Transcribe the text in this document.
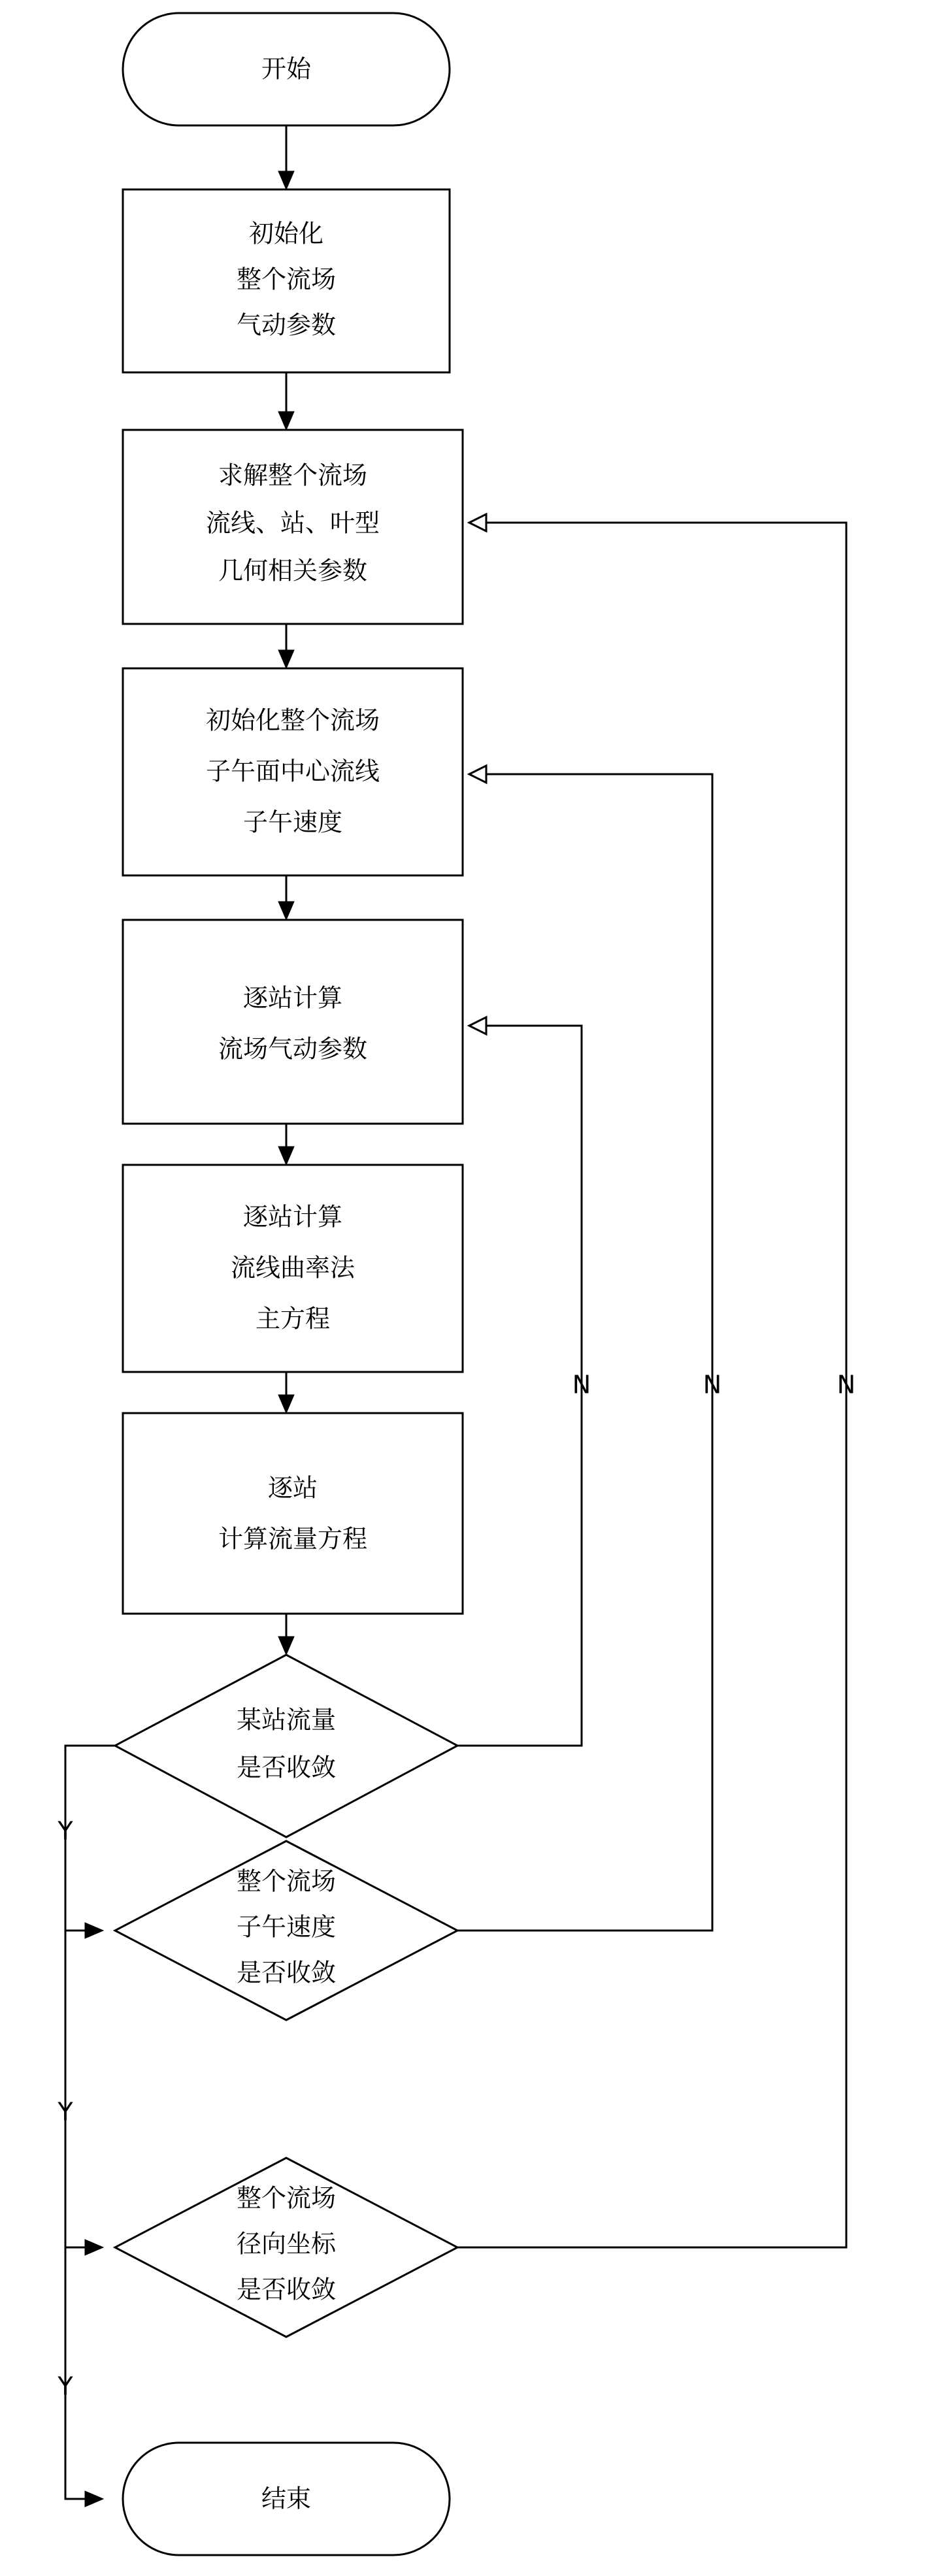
N
Y
N
Y
N
Y
开始
初始化
整个流场
气动参数
求解整个流场
流线、站、叶型
几何相关参数
初始化整个流场
子午面中心流线
子午速度
逐站计算
流场气动参数
逐站计算
流线曲率法
主方程
逐站
计算流量方程
某站流量
是否收敛
整个流场
子午速度
是否收敛
整个流场
径向坐标
是否收敛
结束
